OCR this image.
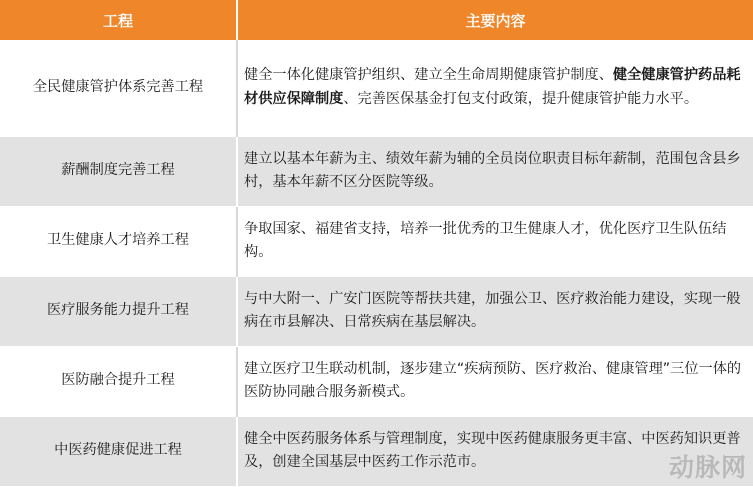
工程	主要内容
全民健康管护体系完善工程	健全一体化健康管护组织、建立全生命周期健康管护制度、健全健康管护药品耗材供应保障制度、完善医保基金打包支付政策，提升健康管护能力水平。
薪酬制度完善工程	建立以基本年薪为主、绩效年薪为辅的全员岗位职责目标年薪制，范围包含县乡村，基本年薪不区分医院等级。
卫生健康人才培养工程	争取国家、福建省支持，培养一批优秀的卫生健康人才，优化医疗卫生队伍结构。
医疗服务能力提升工程	与中大附一、广安门医院等帮扶共建，加强公卫、医疗救治能力建设，实现一般病在市县解决、日常疾病在基层解决。
医防融合提升工程	建立医疗卫生联动机制，逐步建立“疾病预防、医疗救治、健康管理”三位一体的医防协同融合服务新模式。
中医药健康促进工程	健全中医药服务体系与管理制度，实现中医药健康服务更丰富、中医药知识更普及，创建全国基层中医药工作示范市。	动脉网
